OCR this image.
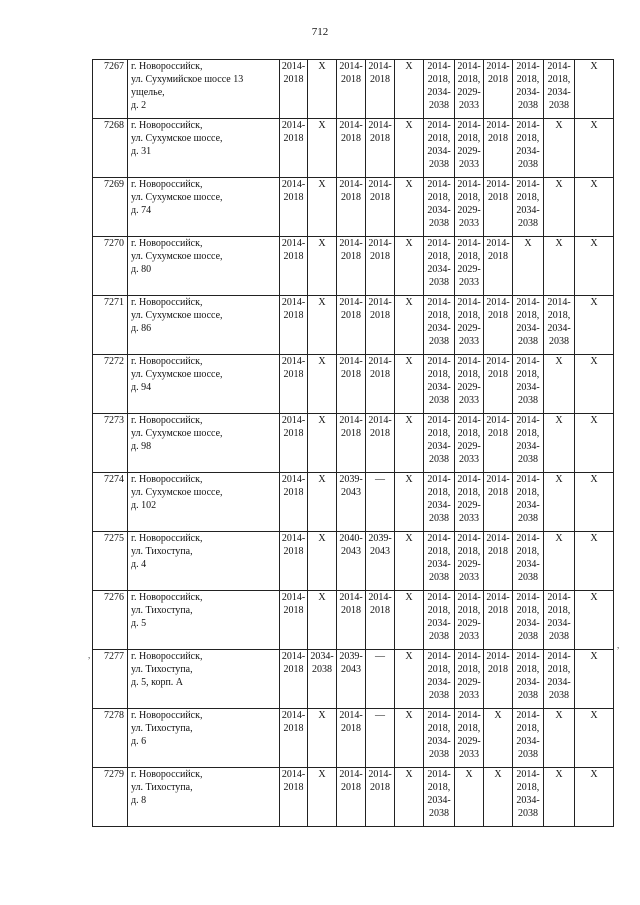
712
7267	г. Новороссийск,
ул. Сухумийское шоссе 13
ущелье,
д. 2	2014-
2018	X	2014-
2018	2014-
2018	X	2014-
2018,
2034-
2038	2014-
2018,
2029-
2033	2014-
2018	2014-
2018,
2034-
2038	2014-
2018,
2034-
2038	X
7268	г. Новороссийск,
ул. Сухумское шоссе,
д. 31	2014-
2018	X	2014-
2018	2014-
2018	X	2014-
2018,
2034-
2038	2014-
2018,
2029-
2033	2014-
2018	2014-
2018,
2034-
2038	X	X
7269	г. Новороссийск,
ул. Сухумское шоссе,
д. 74	2014-
2018	X	2014-
2018	2014-
2018	X	2014-
2018,
2034-
2038	2014-
2018,
2029-
2033	2014-
2018	2014-
2018,
2034-
2038	X	X
7270	г. Новороссийск,
ул. Сухумское шоссе,
д. 80	2014-
2018	X	2014-
2018	2014-
2018	X	2014-
2018,
2034-
2038	2014-
2018,
2029-
2033	2014-
2018	X	X	X
7271	г. Новороссийск,
ул. Сухумское шоссе,
д. 86	2014-
2018	X	2014-
2018	2014-
2018	X	2014-
2018,
2034-
2038	2014-
2018,
2029-
2033	2014-
2018	2014-
2018,
2034-
2038	2014-
2018,
2034-
2038	X
7272	г. Новороссийск,
ул. Сухумское шоссе,
д. 94	2014-
2018	X	2014-
2018	2014-
2018	X	2014-
2018,
2034-
2038	2014-
2018,
2029-
2033	2014-
2018	2014-
2018,
2034-
2038	X	X
7273	г. Новороссийск,
ул. Сухумское шоссе,
д. 98	2014-
2018	X	2014-
2018	2014-
2018	X	2014-
2018,
2034-
2038	2014-
2018,
2029-
2033	2014-
2018	2014-
2018,
2034-
2038	X	X
7274	г. Новороссийск,
ул. Сухумское шоссе,
д. 102	2014-
2018	X	2039-
2043	—	X	2014-
2018,
2034-
2038	2014-
2018,
2029-
2033	2014-
2018	2014-
2018,
2034-
2038	X	X
7275	г. Новороссийск,
ул. Тихоступа,
д. 4	2014-
2018	X	2040-
2043	2039-
2043	X	2014-
2018,
2034-
2038	2014-
2018,
2029-
2033	2014-
2018	2014-
2018,
2034-
2038	X	X
7276	г. Новороссийск,
ул. Тихоступа,
д. 5	2014-
2018	X	2014-
2018	2014-
2018	X	2014-
2018,
2034-
2038	2014-
2018,
2029-
2033	2014-
2018	2014-
2018,
2034-
2038	2014-
2018,
2034-
2038	X
7277	г. Новороссийск,
ул. Тихоступа,
д. 5, корп. А	2014-
2018	2034-
2038	2039-
2043	—	X	2014-
2018,
2034-
2038	2014-
2018,
2029-
2033	2014-
2018	2014-
2018,
2034-
2038	2014-
2018,
2034-
2038	X
7278	г. Новороссийск,
ул. Тихоступа,
д. 6	2014-
2018	X	2014-
2018	—	X	2014-
2018,
2034-
2038	2014-
2018,
2029-
2033	X	2014-
2018,
2034-
2038	X	X
7279	г. Новороссийск,
ул. Тихоступа,
д. 8	2014-
2018	X	2014-
2018	2014-
2018	X	2014-
2018,
2034-
2038	X	X	2014-
2018,
2034-
2038	X	X
,
,
